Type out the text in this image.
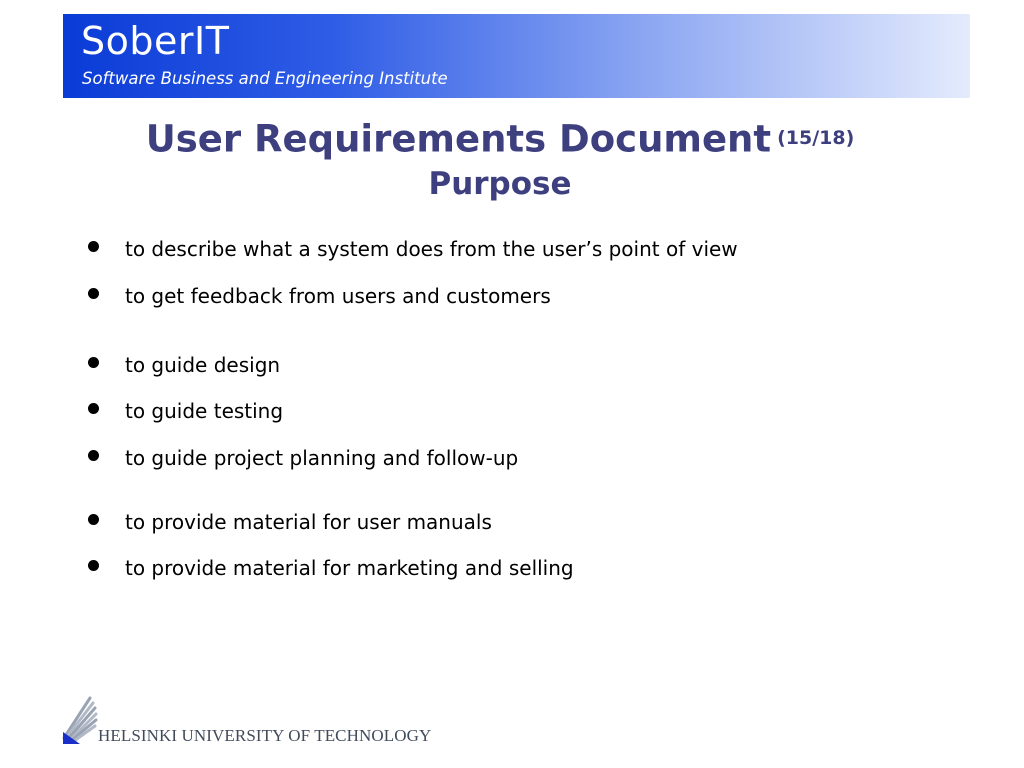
SoberIT
Software Business and Engineering Institute
User Requirements Document $^{(15/18)}$
Purpose
to describe what a system does from the user’s point of view
to get feedback from users and customers
to guide design
to guide testing
to guide project planning and follow-up
to provide material for user manuals
to provide material for marketing and selling
HELSINKI UNIVERSITY OF TECHNOLOGY
